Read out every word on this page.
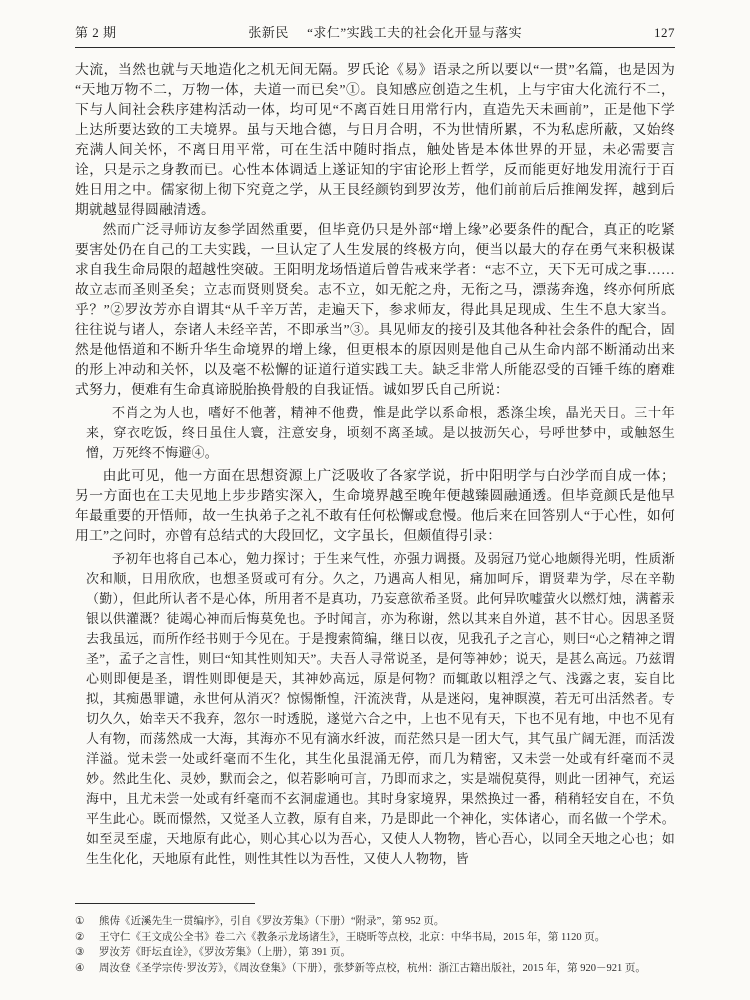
第 2 期	张新民 “求仁”实践工夫的社会化开显与落实	127

大流，当然也就与天地造化之机无间无隔。罗氏论《易》语录之所以要以“一贯”名篇，也是因为“天地万物不二，万物一体，夫道一而已矣”①。良知感应创造之生机，上与宇宙大化流行不二，下与人间社会秩序建构活动一体，均可见“不离百姓日用常行内，直造先天未画前”，正是他下学上达所要达致的工夫境界。虽与天地合德，与日月合明，不为世情所累，不为私虑所蔽，又始终充满人间关怀，不离日用平常，可在生活中随时指点，触处皆是本体世界的开显，未必需要言诠，只是示之身教而已。心性本体调适上遂证知的宇宙论形上哲学，反而能更好地发用流行于百姓日用之中。儒家彻上彻下究竟之学，从王艮经颜钧到罗汝芳，他们前前后后推阐发挥，越到后期就越显得圆融清透。

然而广泛寻师访友参学固然重要，但毕竟仍只是外部“增上缘”必要条件的配合，真正的吃紧要害处仍在自己的工夫实践，一旦认定了人生发展的终极方向，便当以最大的存在勇气来积极谋求自我生命局限的超越性突破。王阳明龙场悟道后曾告戒来学者：“志不立，天下无可成之事……故立志而圣则圣矣；立志而贤则贤矣。志不立，如无舵之舟，无衔之马，漂荡奔逸，终亦何所底乎？”②罗汝芳亦自谓其“从千辛万苦，走遍天下，参求师友，得此具足现成、生生不息大家当。往往说与诸人，奈诸人未经辛苦，不即承当”③。具见师友的接引及其他各种社会条件的配合，固然是他悟道和不断升华生命境界的增上缘，但更根本的原因则是他自己从生命内部不断涌动出来的形上冲动和关怀，以及毫不松懈的证道行道实践工夫。缺乏非常人所能忍受的百锤千练的磨难式努力，便难有生命真谛脱胎换骨般的自我证悟。诚如罗氏自己所说：

不肖之为人也，嗜好不他著，精神不他费，惟是此学以系命根，悉涤尘埃，晶光天日。三十年来，穿衣吃饭，终日虽住人寰，注意安身，顷刻不离圣域。是以披沥矢心，号呼世梦中，或触怒生憎，万死终不悔避④。

由此可见，他一方面在思想资源上广泛吸收了各家学说，折中阳明学与白沙学而自成一体；另一方面也在工夫见地上步步踏实深入，生命境界越至晚年便越臻圆融通透。但毕竟颜氏是他早年最重要的开悟师，故一生执弟子之礼不敢有任何松懈或怠慢。他后来在回答别人“于心性，如何用工”之问时，亦曾有总结式的大段回忆，文字虽长，但颇值得引录：

予初年也将自己本心，勉力探讨；于生来气性，亦强力调摄。及弱冠乃觉心地颇得光明，性质渐次和顺，日用欣欣，也想圣贤或可有分。久之，乃遇高人相见，痛加呵斥，谓贤辈为学，尽在辛勒（勤），但此所认者不是心体，所用者不是真功，乃妄意欲希圣贤。此何异吹嘘萤火以燃灯烛，满蓄汞银以供灌溉？徒竭心神而后悔莫免也。予时闻言，亦为称谢，然以其来自外道，甚不甘心。因思圣贤去我虽远，而所作经书则于今见在。于是搜索简编，继日以夜，见我孔子之言心，则曰“心之精神之谓圣”，孟子之言性，则曰“知其性则知天”。夫吾人寻常说圣，是何等神妙；说天，是甚么高远。乃兹谓心则即便是圣，谓性则即便是天，其神妙高远，原是何物？而辄敢以粗浮之气、浅露之衷，妄自比拟，其痴愚罪谴，永世何从消灭？惊惕惭惶，汗流浃背，从是迷闷，鬼神瞑漠，若无可出活然者。专切久久，始幸天不我弃，忽尔一时透脱，遂觉六合之中，上也不见有天，下也不见有地，中也不见有人有物，而荡然成一大海，其海亦不见有滴水纤波，而茫然只是一团大气，其气虽广阔无涯，而活泼洋溢。觉未尝一处或纤毫而不生化，其生化虽混涌无停，而几为精密，又未尝一处或有纤毫而不灵妙。然此生化、灵妙，默而会之，似若影响可言，乃即而求之，实是端倪莫得，则此一团神气，充运海中，且尤未尝一处或有纤毫而不玄洞虚通也。其时身家境界，果然换过一番，稍稍轻安自在，不负平生此心。既而憬然，又觉圣人立教，原有自来，乃是即此一个神化，实体诸心，而名做一个学术。如至灵至虚，天地原有此心，则心其心以为吾心，又使人人物物，皆心吾心，以同全天地之心也；如生生化化，天地原有此性，则性其性以为吾性，又使人人物物，皆
①	熊俦《近溪先生一贯编序》，引自《罗汝芳集》（下册）“附录”，第 952 页。
②	王守仁《王文成公全书》卷二六《教条示龙场诸生》，王晓昕等点校，北京：中华书局，2015 年，第 1120 页。
③	罗汝芳《盱坛直诠》，《罗汝芳集》（上册），第 391 页。
④	周汝登《圣学宗传·罗汝芳》，《周汝登集》（下册），张梦新等点校，杭州：浙江古籍出版社，2015 年，第 920－921 页。
